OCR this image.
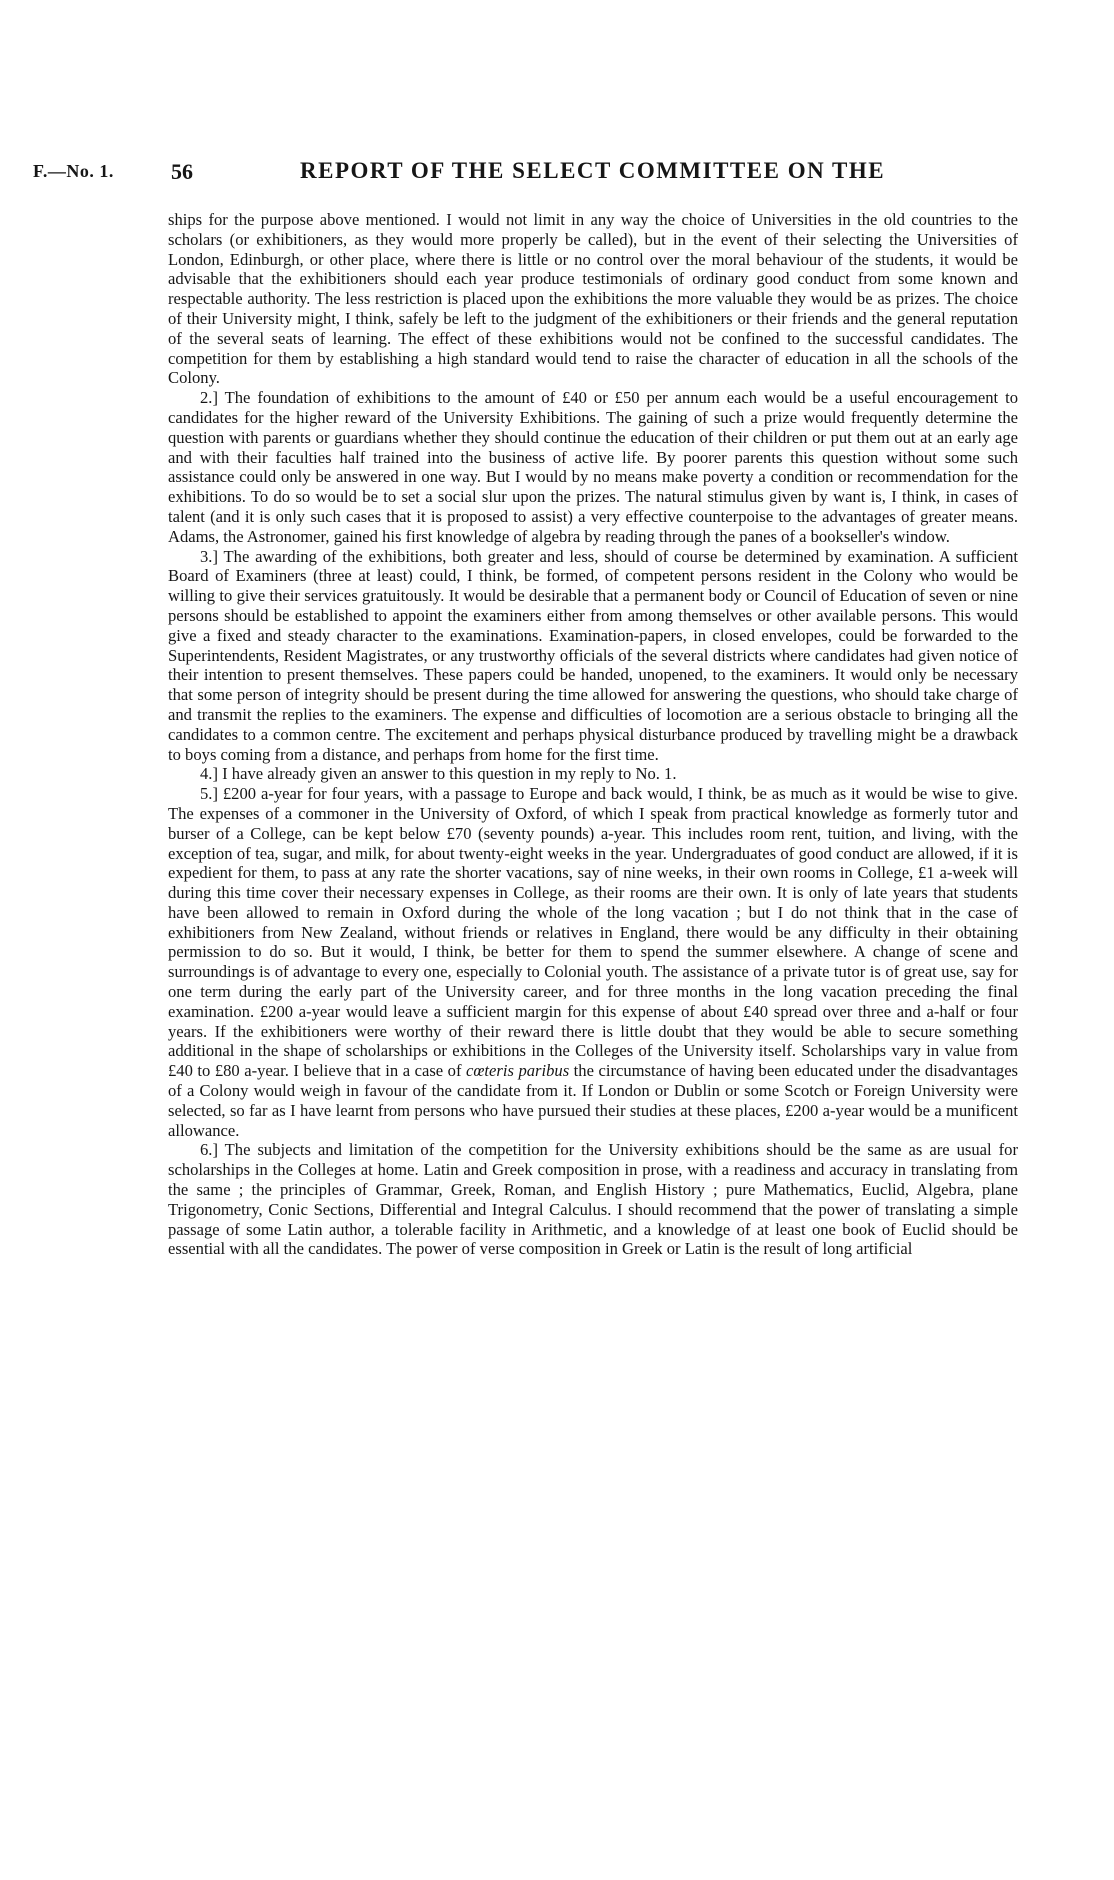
F.—No. 1.	56	REPORT OF THE SELECT COMMITTEE ON THE

ships for the purpose above mentioned. I would not limit in any way the choice of Universities in the old countries to the scholars (or exhibitioners, as they would more properly be called), but in the event of their selecting the Universities of London, Edinburgh, or other place, where there is little or no control over the moral behaviour of the students, it would be advisable that the exhibitioners should each year produce testimonials of ordinary good conduct from some known and respectable authority. The less restriction is placed upon the exhibitions the more valuable they would be as prizes. The choice of their University might, I think, safely be left to the judgment of the exhibitioners or their friends and the general reputation of the several seats of learning. The effect of these exhibitions would not be confined to the successful candidates. The competition for them by establishing a high standard would tend to raise the character of education in all the schools of the Colony.

2.] The foundation of exhibitions to the amount of £40 or £50 per annum each would be a useful encouragement to candidates for the higher reward of the University Exhibitions. The gaining of such a prize would frequently determine the question with parents or guardians whether they should continue the education of their children or put them out at an early age and with their faculties half trained into the business of active life. By poorer parents this question without some such assistance could only be answered in one way. But I would by no means make poverty a condition or recommendation for the exhibitions. To do so would be to set a social slur upon the prizes. The natural stimulus given by want is, I think, in cases of talent (and it is only such cases that it is proposed to assist) a very effective counterpoise to the advantages of greater means. Adams, the Astronomer, gained his first knowledge of algebra by reading through the panes of a bookseller's window.

3.] The awarding of the exhibitions, both greater and less, should of course be determined by examination. A sufficient Board of Examiners (three at least) could, I think, be formed, of competent persons resident in the Colony who would be willing to give their services gratuitously. It would be desirable that a permanent body or Council of Education of seven or nine persons should be established to appoint the examiners either from among themselves or other available persons. This would give a fixed and steady character to the examinations. Examination-papers, in closed envelopes, could be forwarded to the Superintendents, Resident Magistrates, or any trustworthy officials of the several districts where candidates had given notice of their intention to present themselves. These papers could be handed, unopened, to the examiners. It would only be necessary that some person of integrity should be present during the time allowed for answering the questions, who should take charge of and transmit the replies to the examiners. The expense and difficulties of locomotion are a serious obstacle to bringing all the candidates to a common centre. The excitement and perhaps physical disturbance produced by travelling might be a drawback to boys coming from a distance, and perhaps from home for the first time.

4.] I have already given an answer to this question in my reply to No. 1.

5.] £200 a-year for four years, with a passage to Europe and back would, I think, be as much as it would be wise to give. The expenses of a commoner in the University of Oxford, of which I speak from practical knowledge as formerly tutor and burser of a College, can be kept below £70 (seventy pounds) a-year. This includes room rent, tuition, and living, with the exception of tea, sugar, and milk, for about twenty-eight weeks in the year. Undergraduates of good conduct are allowed, if it is expedient for them, to pass at any rate the shorter vacations, say of nine weeks, in their own rooms in College, £1 a-week will during this time cover their necessary expenses in College, as their rooms are their own. It is only of late years that students have been allowed to remain in Oxford during the whole of the long vacation ; but I do not think that in the case of exhibitioners from New Zealand, without friends or relatives in England, there would be any difficulty in their obtaining permission to do so. But it would, I think, be better for them to spend the summer elsewhere. A change of scene and surroundings is of advantage to every one, especially to Colonial youth. The assistance of a private tutor is of great use, say for one term during the early part of the University career, and for three months in the long vacation preceding the final examination. £200 a-year would leave a sufficient margin for this expense of about £40 spread over three and a-half or four years. If the exhibitioners were worthy of their reward there is little doubt that they would be able to secure something additional in the shape of scholarships or exhibitions in the Colleges of the University itself. Scholarships vary in value from £40 to £80 a-year. I believe that in a case of cœteris paribus the circumstance of having been educated under the disadvantages of a Colony would weigh in favour of the candidate from it. If London or Dublin or some Scotch or Foreign University were selected, so far as I have learnt from persons who have pursued their studies at these places, £200 a-year would be a munificent allowance.

6.] The subjects and limitation of the competition for the University exhibitions should be the same as are usual for scholarships in the Colleges at home. Latin and Greek composition in prose, with a readiness and accuracy in translating from the same ; the principles of Grammar, Greek, Roman, and English History ; pure Mathematics, Euclid, Algebra, plane Trigonometry, Conic Sections, Differential and Integral Calculus. I should recommend that the power of translating a simple passage of some Latin author, a tolerable facility in Arithmetic, and a knowledge of at least one book of Euclid should be essential with all the candidates. The power of verse composition in Greek or Latin is the result of long artificial
